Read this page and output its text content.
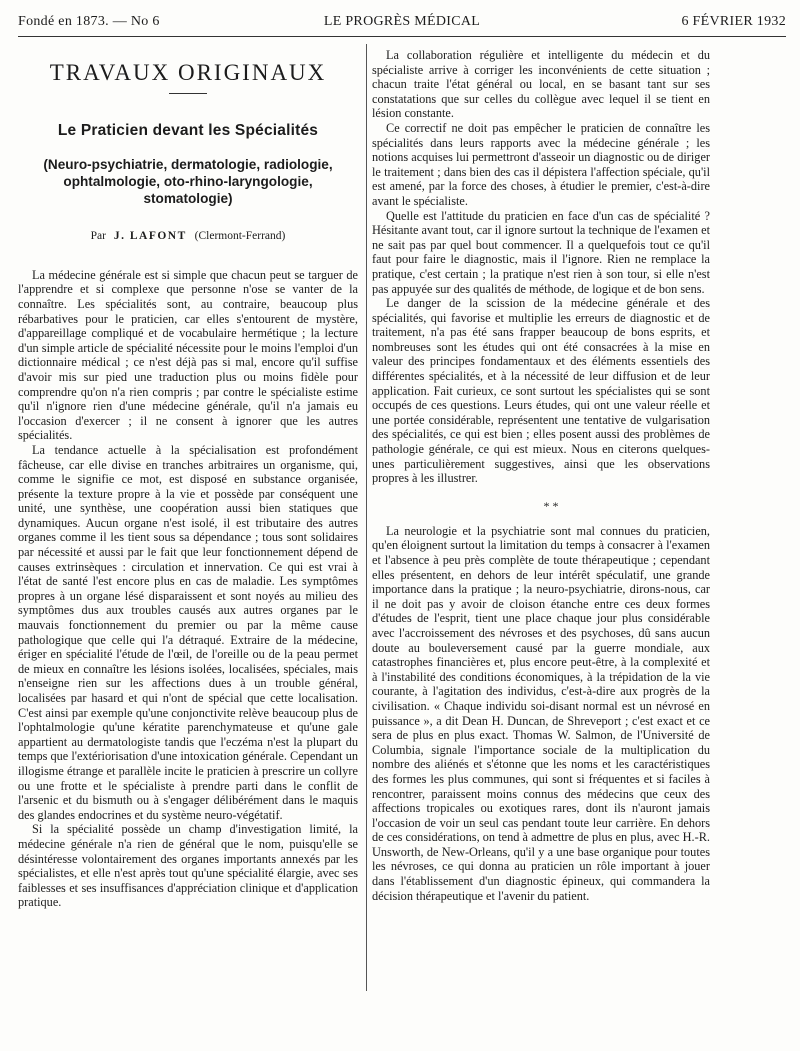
Fondé en 1873. — No 6	LE PROGRÈS MÉDICAL	6 FÉVRIER 1932
TRAVAUX ORIGINAUX
Le Praticien devant les Spécialités

(Neuro-psychiatrie, dermatologie, radiologie, ophtalmologie, oto-rhino-laryngologie, stomatologie)

Par J. LAFONT (Clermont-Ferrand)

La médecine générale est si simple que chacun peut se targuer de l'apprendre et si complexe que personne n'ose se vanter de la connaître. Les spécialités sont, au contraire, beaucoup plus rébarbatives pour le praticien, car elles s'entourent de mystère, d'appareillage compliqué et de vocabulaire hermétique ; la lecture d'un simple article de spécialité nécessite pour le moins l'emploi d'un dictionnaire médical ; ce n'est déjà pas si mal, encore qu'il suffise d'avoir mis sur pied une traduction plus ou moins fidèle pour comprendre qu'on n'a rien compris ; par contre le spécialiste estime qu'il n'ignore rien d'une médecine générale, qu'il n'a jamais eu l'occasion d'exercer ; il ne consent à ignorer que les autres spécialités.

La tendance actuelle à la spécialisation est profondément fâcheuse, car elle divise en tranches arbitraires un organisme, qui, comme le signifie ce mot, est disposé en substance organisée, présente la texture propre à la vie et possède par conséquent une unité, une synthèse, une coopération aussi bien statiques que dynamiques. Aucun organe n'est isolé, il est tributaire des autres organes comme il les tient sous sa dépendance ; tous sont solidaires par nécessité et aussi par le fait que leur fonctionnement dépend de causes extrinsèques : circulation et innervation. Ce qui est vrai à l'état de santé l'est encore plus en cas de maladie. Les symptômes propres à un organe lésé disparaissent et sont noyés au milieu des symptômes dus aux troubles causés aux autres organes par le mauvais fonctionnement du premier ou par la même cause pathologique que celle qui l'a détraqué. Extraire de la médecine, ériger en spécialité l'étude de l'œil, de l'oreille ou de la peau permet de mieux en connaître les lésions isolées, localisées, spéciales, mais n'enseigne rien sur les affections dues à un trouble général, localisées par hasard et qui n'ont de spécial que cette localisation. C'est ainsi par exemple qu'une conjonctivite relève beaucoup plus de l'ophtalmologie qu'une kératite parenchymateuse et qu'une gale appartient au dermatologiste tandis que l'eczéma n'est la plupart du temps que l'extériorisation d'une intoxication générale. Cependant un illogisme étrange et parallèle incite le praticien à prescrire un collyre ou une frotte et le spécialiste à prendre parti dans le conflit de l'arsenic et du bismuth ou à s'engager délibérément dans le maquis des glandes endocrines et du système neuro-végétatif.

Si la spécialité possède un champ d'investigation limité, la médecine générale n'a rien de général que le nom, puisqu'elle se désintéresse volontairement des organes importants annexés par les spécialistes, et elle n'est après tout qu'une spécialité élargie, avec ses faiblesses et ses insuffisances d'appréciation clinique et d'application pratique.

La collaboration régulière et intelligente du médecin et du spécialiste arrive à corriger les inconvénients de cette situation ; chacun traite l'état général ou local, en se basant tant sur ses constatations que sur celles du collègue avec lequel il se tient en lésion constante.

Ce correctif ne doit pas empêcher le praticien de connaître les spécialités dans leurs rapports avec la médecine générale ; les notions acquises lui permettront d'asseoir un diagnostic ou de diriger le traitement ; dans bien des cas il dépistera l'affection spéciale, qu'il est amené, par la force des choses, à étudier le premier, c'est-à-dire avant le spécialiste.

Quelle est l'attitude du praticien en face d'un cas de spécialité ? Hésitante avant tout, car il ignore surtout la technique de l'examen et ne sait pas par quel bout commencer. Il a quelquefois tout ce qu'il faut pour faire le diagnostic, mais il l'ignore. Rien ne remplace la pratique, c'est certain ; la pratique n'est rien à son tour, si elle n'est pas appuyée sur des qualités de méthode, de logique et de bon sens.

Le danger de la scission de la médecine générale et des spécialités, qui favorise et multiplie les erreurs de diagnostic et de traitement, n'a pas été sans frapper beaucoup de bons esprits, et nombreuses sont les études qui ont été consacrées à la mise en valeur des principes fondamentaux et des éléments essentiels des différentes spécialités, et à la nécessité de leur diffusion et de leur application. Fait curieux, ce sont surtout les spécialistes qui se sont occupés de ces questions. Leurs études, qui ont une valeur réelle et une portée considérable, représentent une tentative de vulgarisation des spécialités, ce qui est bien ; elles posent aussi des problèmes de pathologie générale, ce qui est mieux. Nous en citerons quelques-unes particulièrement suggestives, ainsi que les observations propres à les illustrer.

* *

La neurologie et la psychiatrie sont mal connues du praticien, qu'en éloignent surtout la limitation du temps à consacrer à l'examen et l'absence à peu près complète de toute thérapeutique ; cependant elles présentent, en dehors de leur intérêt spéculatif, une grande importance dans la pratique ; la neuro-psychiatrie, dirons-nous, car il ne doit pas y avoir de cloison étanche entre ces deux formes d'études de l'esprit, tient une place chaque jour plus considérable avec l'accroissement des névroses et des psychoses, dû sans aucun doute au bouleversement causé par la guerre mondiale, aux catastrophes financières et, plus encore peut-être, à la complexité et à l'instabilité des conditions économiques, à la trépidation de la vie courante, à l'agitation des individus, c'est-à-dire aux progrès de la civilisation. « Chaque individu soi-disant normal est un névrosé en puissance », a dit Dean H. Duncan, de Shreveport ; c'est exact et ce sera de plus en plus exact. Thomas W. Salmon, de l'Université de Columbia, signale l'importance sociale de la multiplication du nombre des aliénés et s'étonne que les noms et les caractéristiques des formes les plus communes, qui sont si fréquentes et si faciles à rencontrer, paraissent moins connus des médecins que ceux des affections tropicales ou exotiques rares, dont ils n'auront jamais l'occasion de voir un seul cas pendant toute leur carrière. En dehors de ces considérations, on tend à admettre de plus en plus, avec H.-R. Unsworth, de New-Orleans, qu'il y a une base organique pour toutes les névroses, ce qui donna au praticien un rôle important à jouer dans l'établissement d'un diagnostic épineux, qui commandera la décision thérapeutique et l'avenir du patient.
